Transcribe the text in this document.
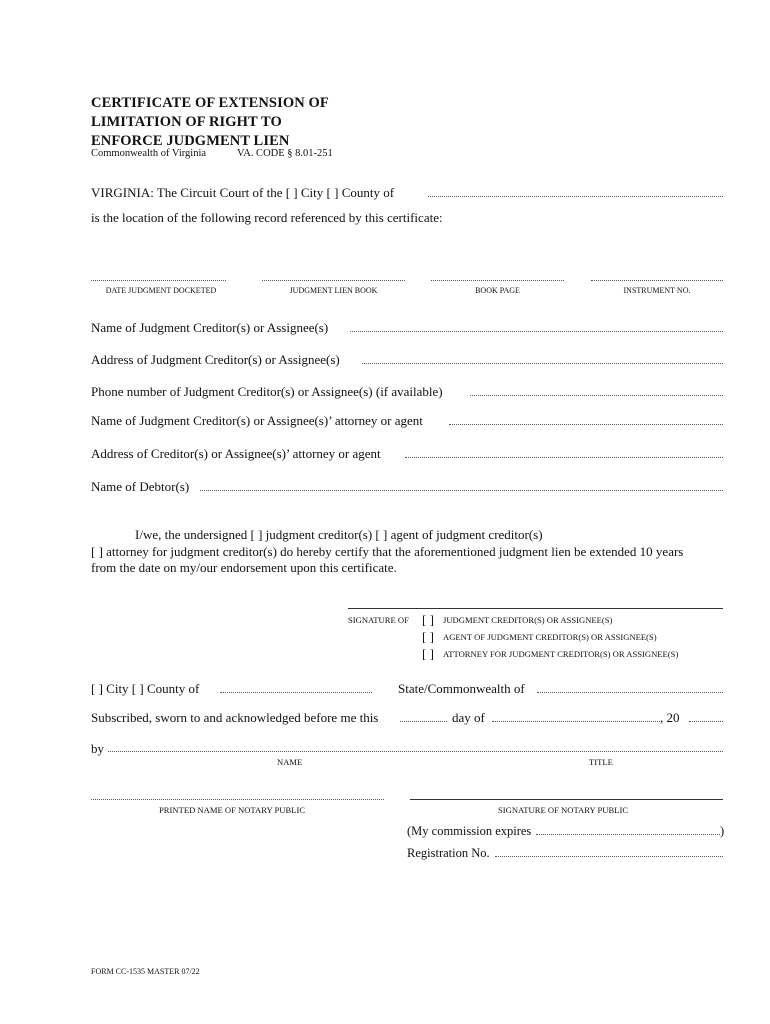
CERTIFICATE OF EXTENSION OF
LIMITATION OF RIGHT TO
ENFORCE JUDGMENT LIEN
Commonwealth of Virginia	VA. CODE § 8.01-251
VIRGINIA: The Circuit Court of the [ ] City [ ] County of
is the location of the following record referenced by this certificate:
DATE JUDGMENT DOCKETED	JUDGMENT LIEN BOOK	BOOK PAGE	INSTRUMENT NO.
Name of Judgment Creditor(s) or Assignee(s)
Address of Judgment Creditor(s) or Assignee(s)
Phone number of Judgment Creditor(s) or Assignee(s) (if available)
Name of Judgment Creditor(s) or Assignee(s)’ attorney or agent
Address of Creditor(s) or Assignee(s)’ attorney or agent
Name of Debtor(s)
I/we, the undersigned [ ] judgment creditor(s) [ ] agent of judgment creditor(s)
[ ] attorney for judgment creditor(s) do hereby certify that the aforementioned judgment lien be extended 10 years
from the date on my/our endorsement upon this certificate.
SIGNATURE OF [ ] JUDGMENT CREDITOR(S) OR ASSIGNEE(S)
[ ] AGENT OF JUDGMENT CREDITOR(S) OR ASSIGNEE(S)
[ ] ATTORNEY FOR JUDGMENT CREDITOR(S) OR ASSIGNEE(S)
[ ] City [ ] County of	State/Commonwealth of
Subscribed, sworn to and acknowledged before me this	day of	, 20
by
NAME	TITLE
PRINTED NAME OF NOTARY PUBLIC	SIGNATURE OF NOTARY PUBLIC
(My commission expires	)
Registration No.
FORM CC-1535 MASTER 07/22
